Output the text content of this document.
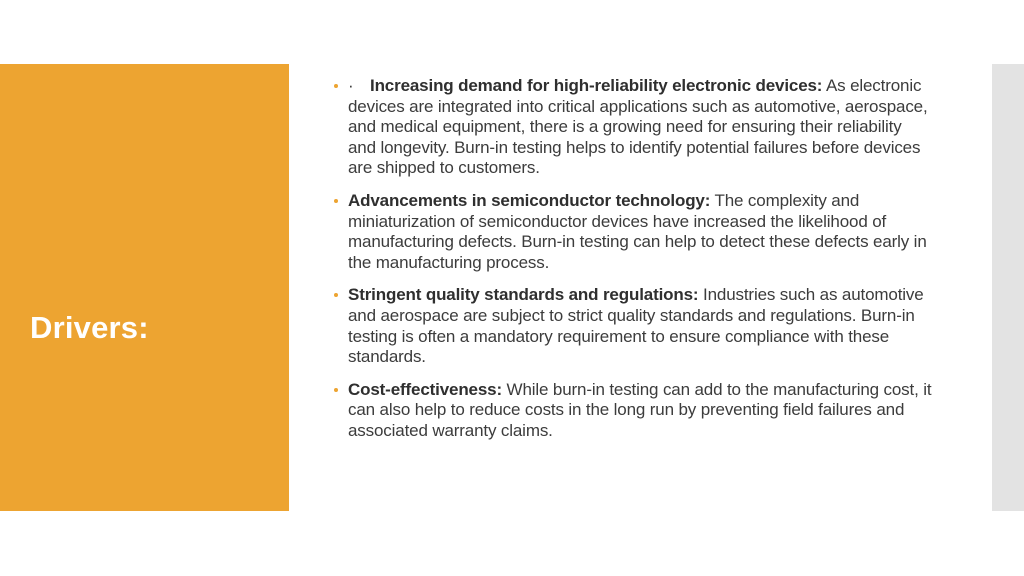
Drivers:
· Increasing demand for high-reliability electronic devices: As electronic devices are integrated into critical applications such as automotive, aerospace, and medical equipment, there is a growing need for ensuring their reliability and longevity. Burn-in testing helps to identify potential failures before devices are shipped to customers.
Advancements in semiconductor technology: The complexity and miniaturization of semiconductor devices have increased the likelihood of manufacturing defects. Burn-in testing can help to detect these defects early in the manufacturing process.
Stringent quality standards and regulations: Industries such as automotive and aerospace are subject to strict quality standards and regulations. Burn-in testing is often a mandatory requirement to ensure compliance with these standards.
Cost-effectiveness: While burn-in testing can add to the manufacturing cost, it can also help to reduce costs in the long run by preventing field failures and associated warranty claims.
